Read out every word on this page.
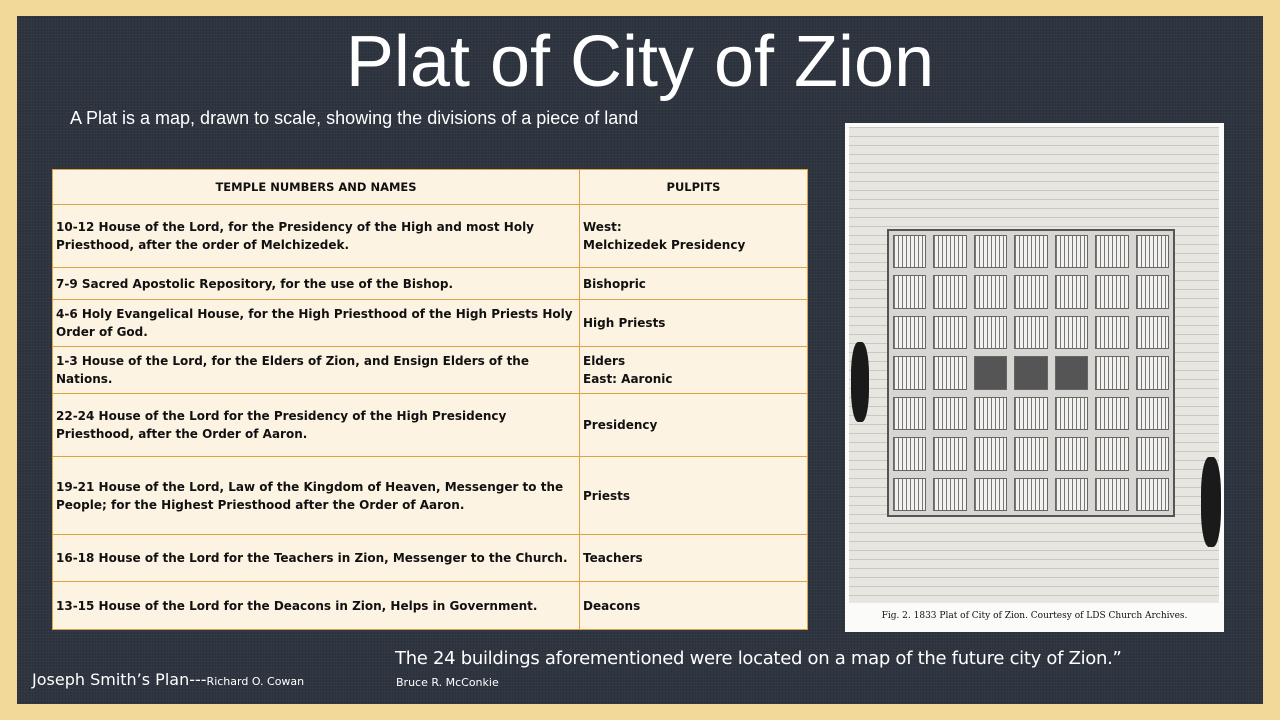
Plat of City of Zion
A Plat is a map, drawn to scale, showing the divisions of a piece of land
TEMPLE NUMBERS AND NAMES	PULPITS
10-12 House of the Lord, for the Presidency of the High and most Holy Priesthood, after the order of Melchizedek.	West:
Melchizedek Presidency
7-9 Sacred Apostolic Repository, for the use of the Bishop.	Bishopric
4-6 Holy Evangelical House, for the High Priesthood of the High Priests Holy Order of God.	High Priests
1-3 House of the Lord, for the Elders of Zion, and Ensign Elders of the Nations.	Elders
East: Aaronic
22-24 House of the Lord for the Presidency of the High Presidency Priesthood, after the Order of Aaron.	Presidency
19-21 House of the Lord, Law of the Kingdom of Heaven, Messenger to the People; for the Highest Priesthood after the Order of Aaron.	Priests
16-18 House of the Lord for the Teachers in Zion, Messenger to the Church.	Teachers
13-15 House of the Lord for the Deacons in Zion, Helps in Government.	Deacons
Fig. 2. 1833 Plat of City of Zion. Courtesy of LDS Church Archives.
The 24 buildings aforementioned were located on a map of the future city of Zion.”
Bruce R. McConkie
Joseph Smith’s Plan---Richard O. Cowan
